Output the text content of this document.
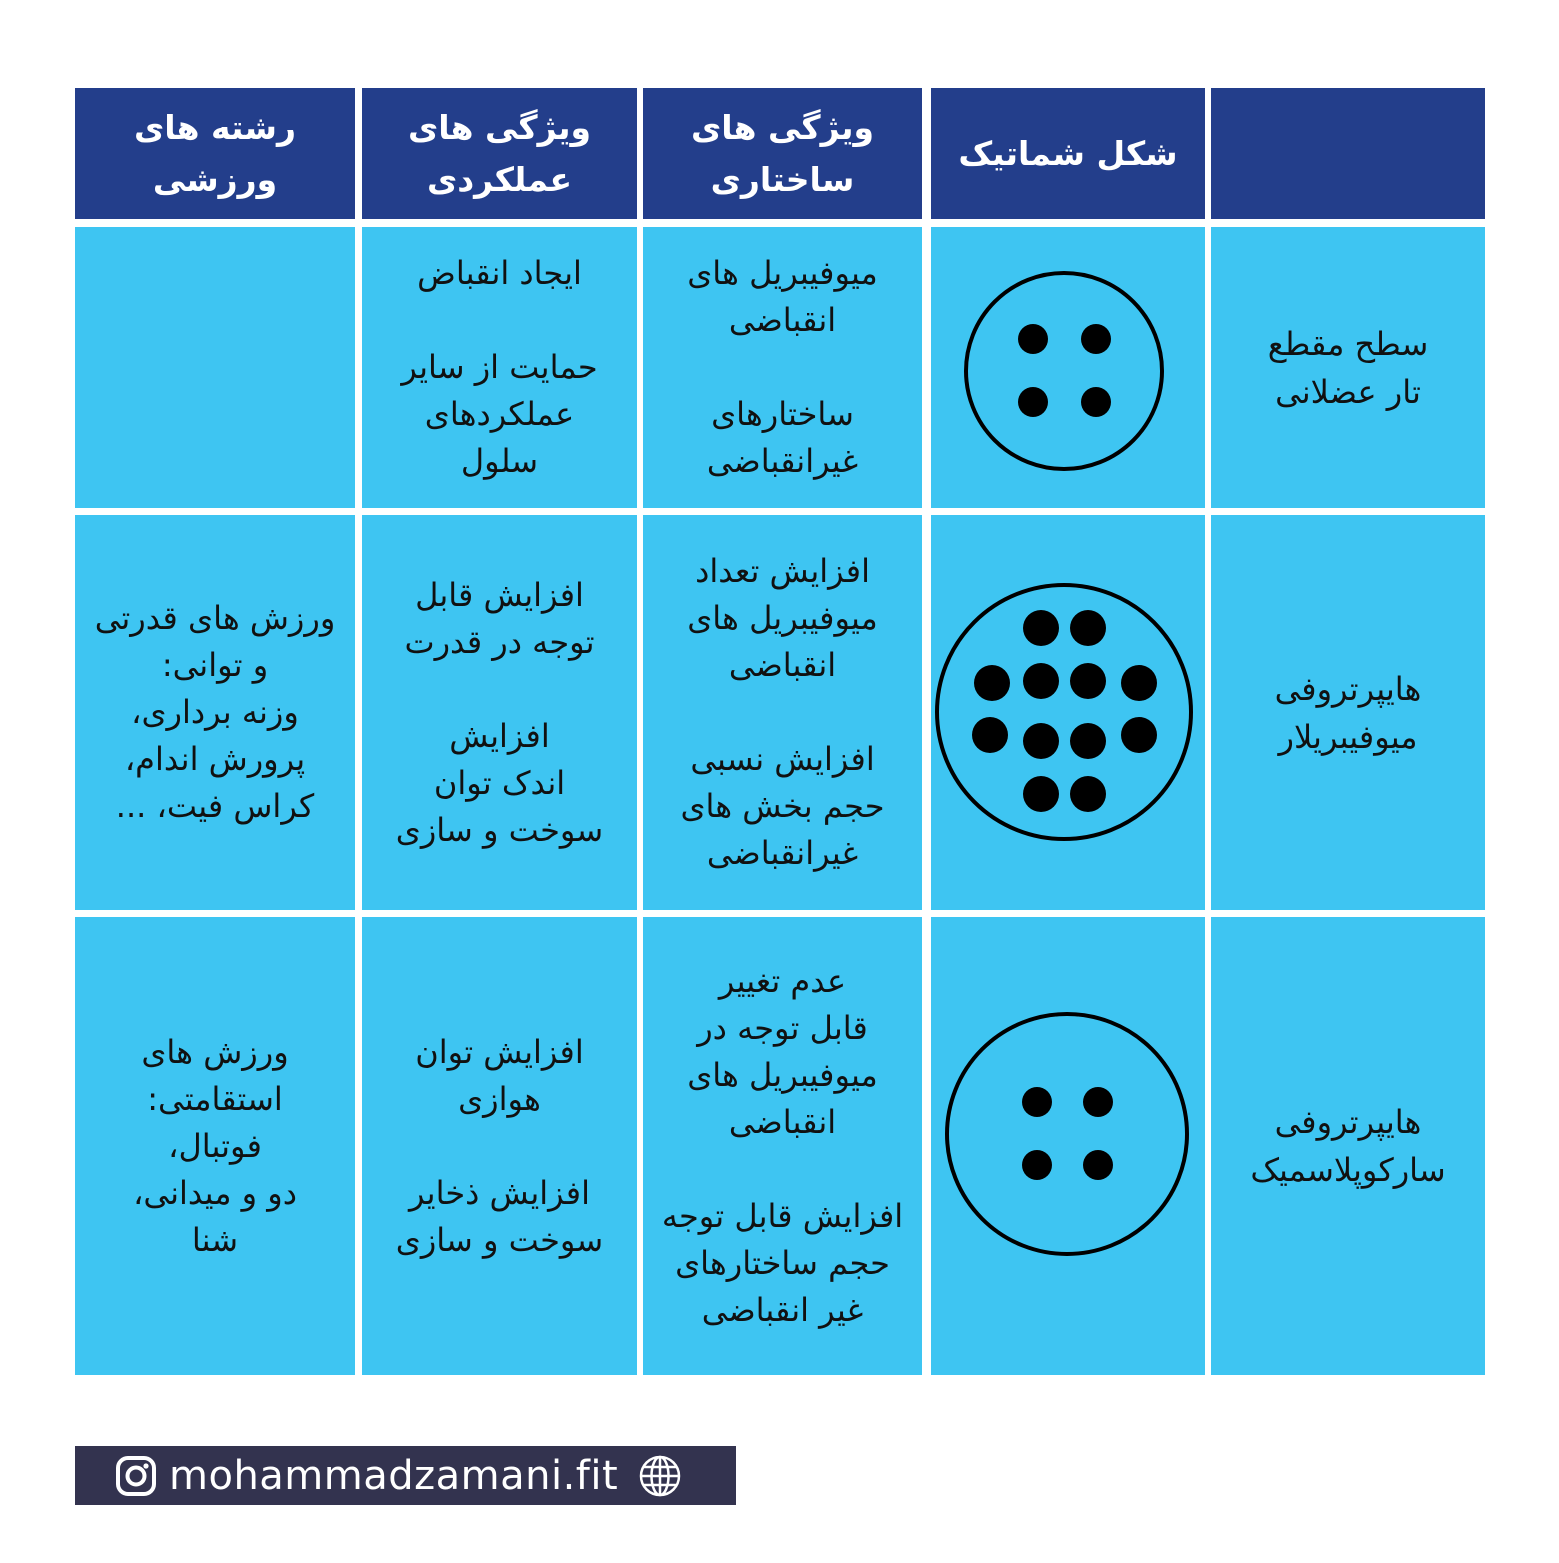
شکل شماتیک
ویژگی های
ساختاری
ویژگی های
عملکردی
رشته های
ورزشی
سطح مقطع
تار عضلانی
میوفیبریل های
انقباضی

ساختارهای
غیرانقباضی
ایجاد انقباض

حمایت از سایر
عملکردهای
سلول
هایپرتروفی
میوفیبریلار
افزایش تعداد
میوفیبریل های
انقباضی

افزایش نسبی
حجم بخش های
غیرانقباضی
افزایش قابل
توجه در قدرت

افزایش
اندک توان
سوخت و سازی
ورزش های قدرتی
و توانی:
وزنه برداری،
پرورش اندام،
کراس فیت، ...
هایپرتروفی
سارکوپلاسمیک
عدم تغییر
قابل توجه در
میوفیبریل های
انقباضی

افزایش قابل توجه
حجم ساختارهای
غیر انقباضی
افزایش توان
هوازی

افزایش ذخایر
سوخت و سازی
ورزش های
استقامتی:
فوتبال،
دو و میدانی،
شنا
mohammadzamani.fit
